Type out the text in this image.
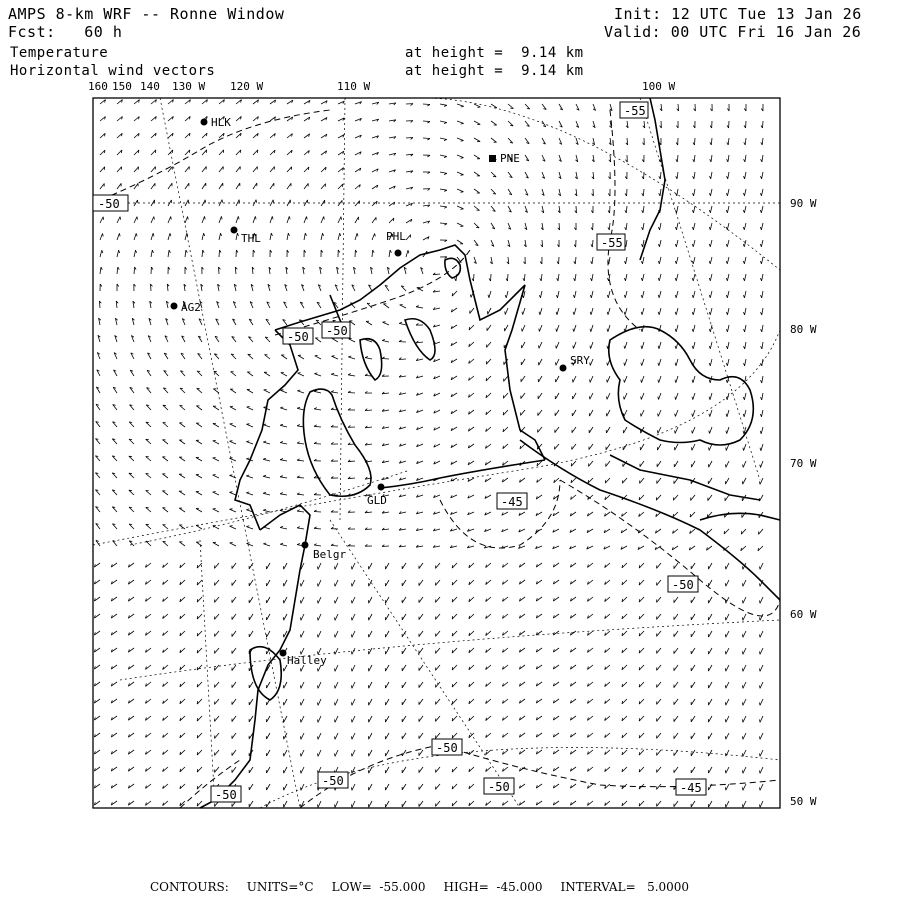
AMPS 8-km WRF -- Ronne Window
Fcst:   60 h
Temperature
Horizontal wind vectors
at height =  9.14 km
at height =  9.14 km
Init: 12 UTC Tue 13 Jan 26
Valid: 00 UTC Fri 16 Jan 26
160 150 140 130 W 120 W	110 W	100 W
90 W
80 W
70 W
60 W
50 W
HLK
PNE
THL	PHL
AG2
SRY
GLD
Belgr
Halley
-55
-50
-55
-50 -50
-45
-50
-50
-50	-50
-50	-45
CONTOURS: UNITS=°C LOW=  -55.000 HIGH=  -45.000 INTERVAL=   5.0000
